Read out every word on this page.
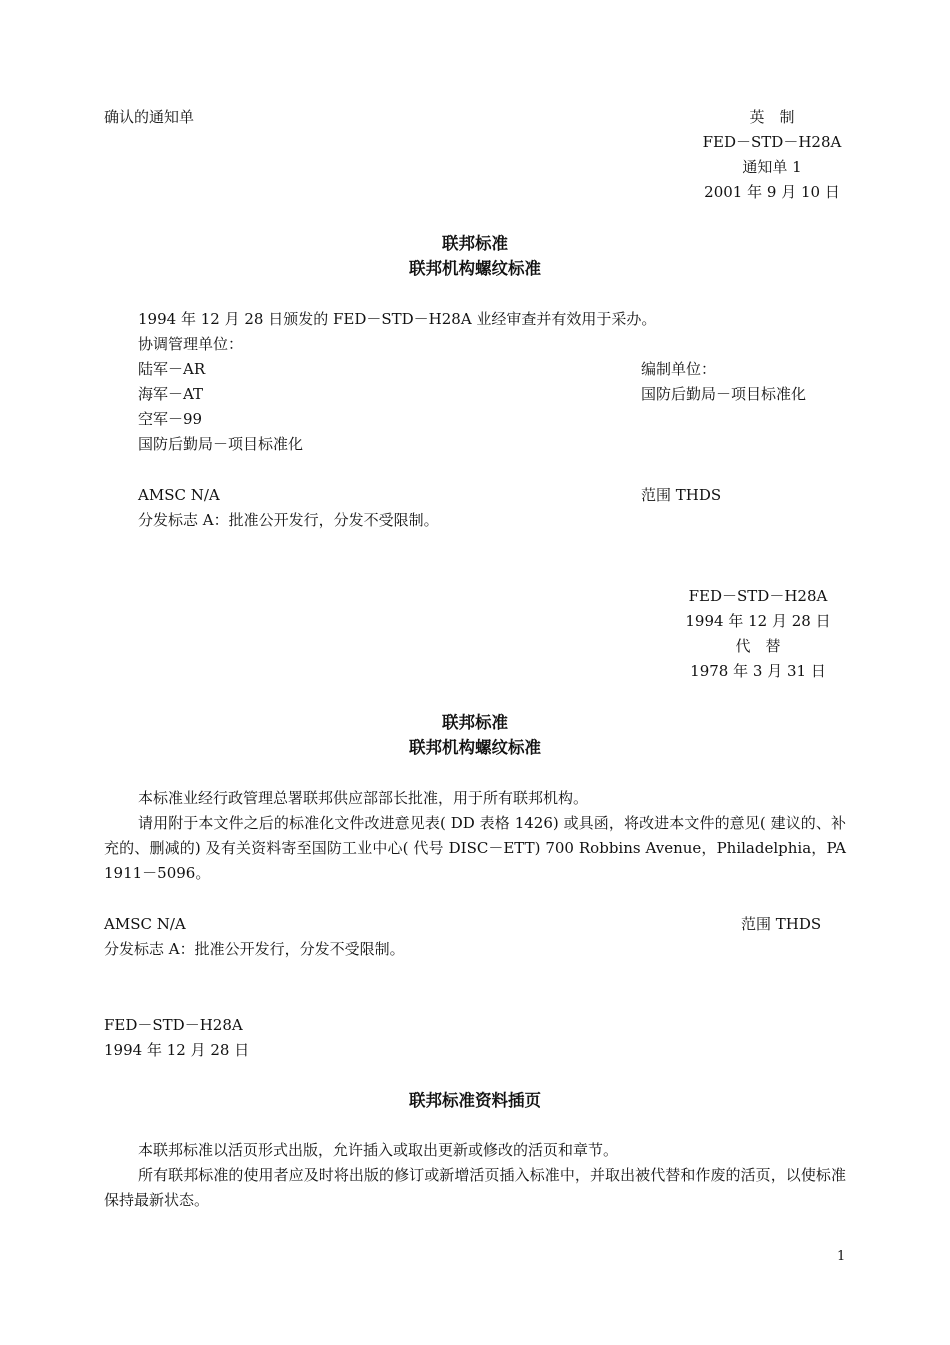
确认的通知单	英　制
FED－STD－H28A
通知单 1
2001 年 9 月 10 日
联邦标准
联邦机构螺纹标准
1994 年 12 月 28 日颁发的 FED－STD－H28A 业经审查并有效用于采办。
协调管理单位：
陆军－AR
海军－AT
空军－99
国防后勤局－项目标准化
编制单位：
国防后勤局－项目标准化
AMSC N/A	范围 THDS
分发标志 A：批准公开发行，分发不受限制。
FED－STD－H28A
1994 年 12 月 28 日
代　替
1978 年 3 月 31 日
联邦标准
联邦机构螺纹标准
本标准业经行政管理总署联邦供应部部长批准，用于所有联邦机构。
请用附于本文件之后的标准化文件改进意见表( DD 表格 1426) 或具函，将改进本文件的意见( 建议的、补充的、删减的) 及有关资料寄至国防工业中心( 代号 DISC－ETT) 700 Robbins Avenue，Philadelphia，PA 1911－5096。
AMSC N/A	范围 THDS
分发标志 A：批准公开发行，分发不受限制。
FED－STD－H28A
1994 年 12 月 28 日
联邦标准资料插页
本联邦标准以活页形式出版，允许插入或取出更新或修改的活页和章节。
所有联邦标准的使用者应及时将出版的修订或新增活页插入标准中，并取出被代替和作废的活页，以使标准保持最新状态。
1
